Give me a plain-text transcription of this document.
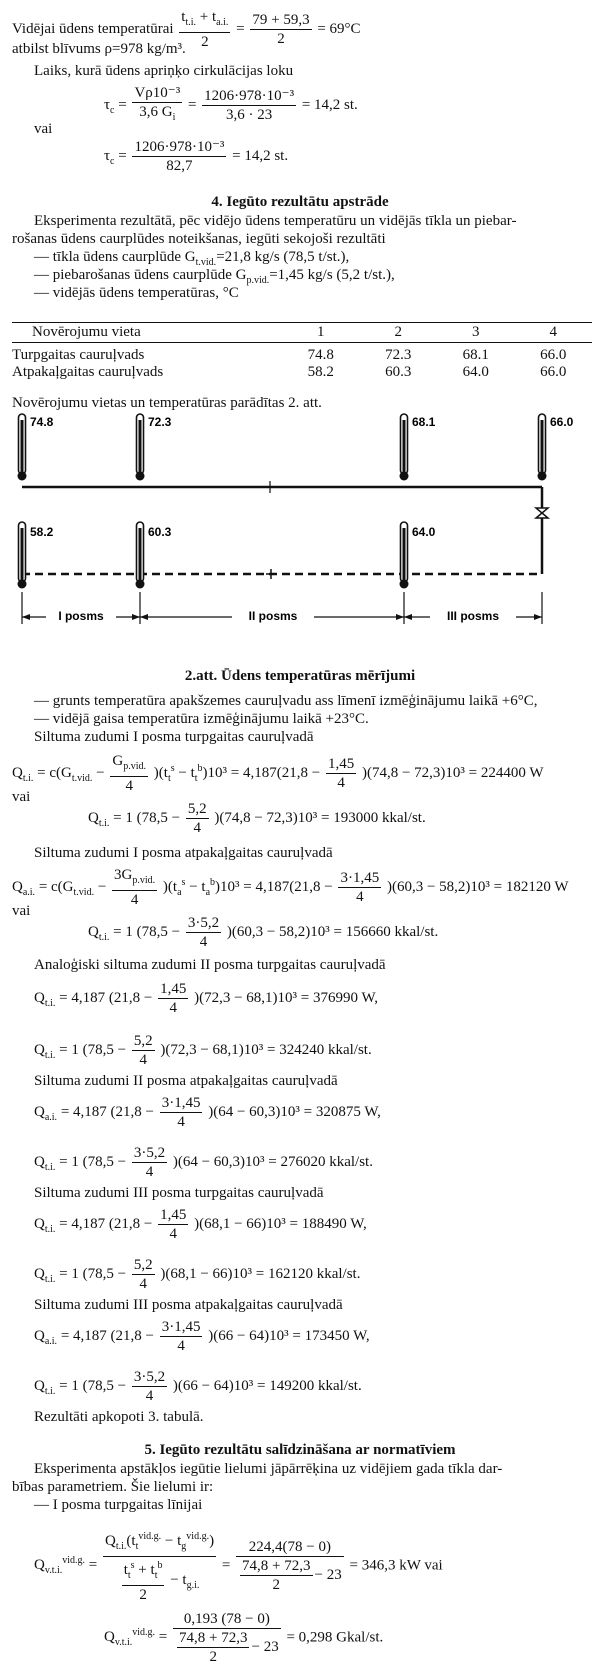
Vidējai ūdens temperatūrai $\frac{t_{t.i.} + t_{a.i.}}{2} = \frac{79 + 59,3}{2} = 69^\circ C$
atbilst blīvums ρ=978 kg/m³.
Laiks, kurā ūdens apriņķo cirkulācijas loku
$\tau_c = \frac{\text{Vρ10⁻³}}{3,6 G_i} = \frac{\text{1206·978·10⁻³}}{3,6 \cdot 23} = 14,2$ st.
vai
$\tau_c = \frac{\text{1206·978·10⁻³}}{82,7} = 14,2$ st.
4. Iegūto rezultātu apstrāde
Eksperimenta rezultātā, pēc vidējo ūdens temperatūru un vidējās tīkla un piebar-
rošanas ūdens caurplūdes noteikšanas, iegūti sekojoši rezultāti
— tīkla ūdens caurplūde $G_{t.vid.}=21,8$ kg/s (78,5 t/st.),
— piebarošanas ūdens caurplūde $G_{p.vid.}=1,45$ kg/s (5,2 t/st.),
— vidējās ūdens temperatūras, °C
Novērojumu vieta	1	2	3	4
Turpgaitas cauruļvads	74.8	72.3	68.1	66.0
Atpakaļgaitas cauruļvads	58.2	60.3	64.0	66.0
Novērojumu vietas un temperatūras parādītas 2. att.
74.8	72.3	68.1	66.0
58.2	60.3	64.0
I posms	II posms	III posms
2.att. Ūdens temperatūras mērījumi
— grunts temperatūra apakšzemes cauruļvadu ass līmenī izmēģinājumu laikā +6°C,
— vidējā gaisa temperatūra izmēģinājumu laikā +23°C.
Siltuma zudumi I posma turpgaitas cauruļvadā
$Q_{t.i.} = c(G_{t.vid.}$ −
$G_{p.vid.}$
4
)$(t_t^s - t_t^b)10^3 = 4,187(21,8 - \frac{1,45}{4} )(74,8 - 72,3)10^3 = 224400$ W
vai
$Q_{t.i.} = 1$ $(78,5 - \frac{5,2}{4} )(74,8 - 72,3)10^3 = 193000$ kkal/st.
Siltuma zudumi I posma atpakaļgaitas cauruļvadā
$Q_{a.i.} = c(G_{t.vid.}$ −
$3G_{p.vid.}$
4
)$(t_a^s - t_a^b)10^3 = 4,187(21,8 - \frac{3\cdot 1,45}{4} )(60,3 - 58,2)10^3 = 182120$ W
vai
$Q_{t.i.} = 1$ $(78,5 - \frac{3\cdot 5,2}{4} )(60,3 - 58,2)10^3 = 156660$ kkal/st.
Analoģiski siltuma zudumi II posma turpgaitas cauruļvadā
$Q_{t.i.} = 4,187$ $(21,8 - \frac{1,45}{4} )(72,3 - 68,1)10^3 = 376990$ W,
$Q_{t.i.} = 1$ $(78,5 - \frac{5,2}{4} )(72,3 - 68,1)10^3 = 324240$ kkal/st.
Siltuma zudumi II posma atpakaļgaitas cauruļvadā
$Q_{a.i.} = 4,187$ $(21,8 - \frac{3\cdot 1,45}{4} )(64 - 60,3)10^3 = 320875$ W,
$Q_{t.i.} = 1$ $(78,5 - \frac{3\cdot 5,2}{4} )(64 - 60,3)10^3 = 276020$ kkal/st.
Siltuma zudumi III posma turpgaitas cauruļvadā
$Q_{t.i.} = 4,187$ $(21,8 - \frac{1,45}{4} )(68,1 - 66)10^3 = 188490$ W,
$Q_{t.i.} = 1$ $(78,5 - \frac{5,2}{4} )(68,1 - 66)10^3 = 162120$ kkal/st.
Siltuma zudumi III posma atpakaļgaitas cauruļvadā
$Q_{a.i.} = 4,187$ $(21,8 - \frac{3\cdot 1,45}{4} )(66 - 64)10^3 = 173450$ W,
$Q_{t.i.} = 1$ $(78,5 - \frac{3\cdot 5,2}{4} )(66 - 64)10^3 = 149200$ kkal/st.
Rezultāti apkopoti 3. tabulā.
5. Iegūto rezultātu salīdzināšana ar normatīviem
Eksperimenta apstākļos iegūtie lielumi jāpārrēķina uz vidējiem gada tīkla dar-
bības parametriem. Šie lielumi ir:
— I posma turpgaitas līnijai
$Q_{v.t.i.}^{vid.g.}$ =
$Q_{t.i.}(t_t^{vid.g.} - t_g^{vid.g.})$
$t_t^s + t_t^b$
2
− $t_{g.i.}$
= $\frac{224,4(78 - 0)}{\frac{74,8 + 72,3}{2} - 23} = 346,3$ kW vai
$Q_{v.t.i.}^{vid.g.} = \frac{0,193 (78 - 0)}{\frac{74,8 + 72,3}{2} - 23} = 0,298$ Gkal/st.
